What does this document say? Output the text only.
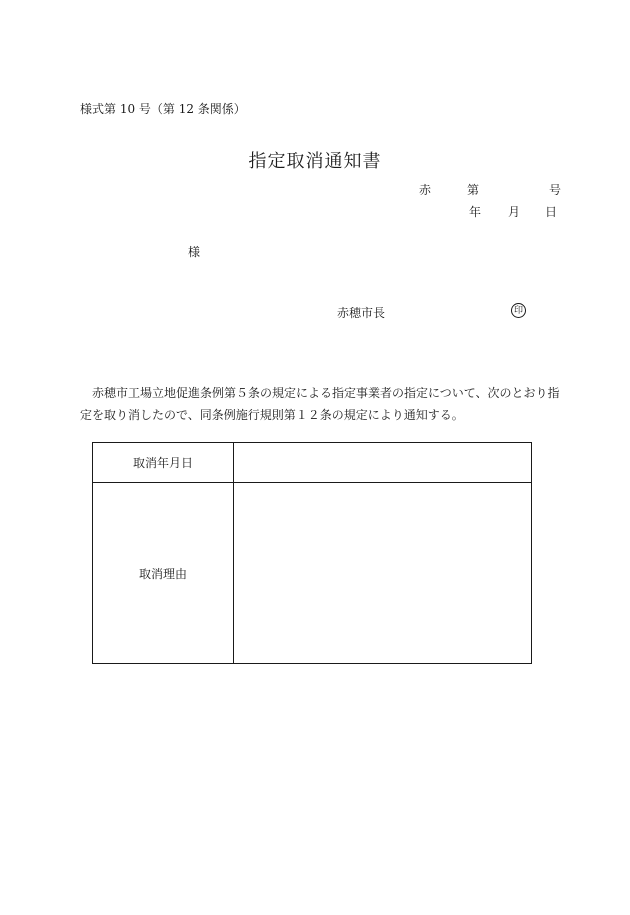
様式第 10 号（第 12 条関係）
指定取消通知書
赤	第	号
年 月 日
様
赤穂市長	印
　赤穂市工場立地促進条例第５条の規定による指定事業者の指定について、次のとおり指
定を取り消したので、同条例施行規則第１２条の規定により通知する。
取消年月日
取消理由
